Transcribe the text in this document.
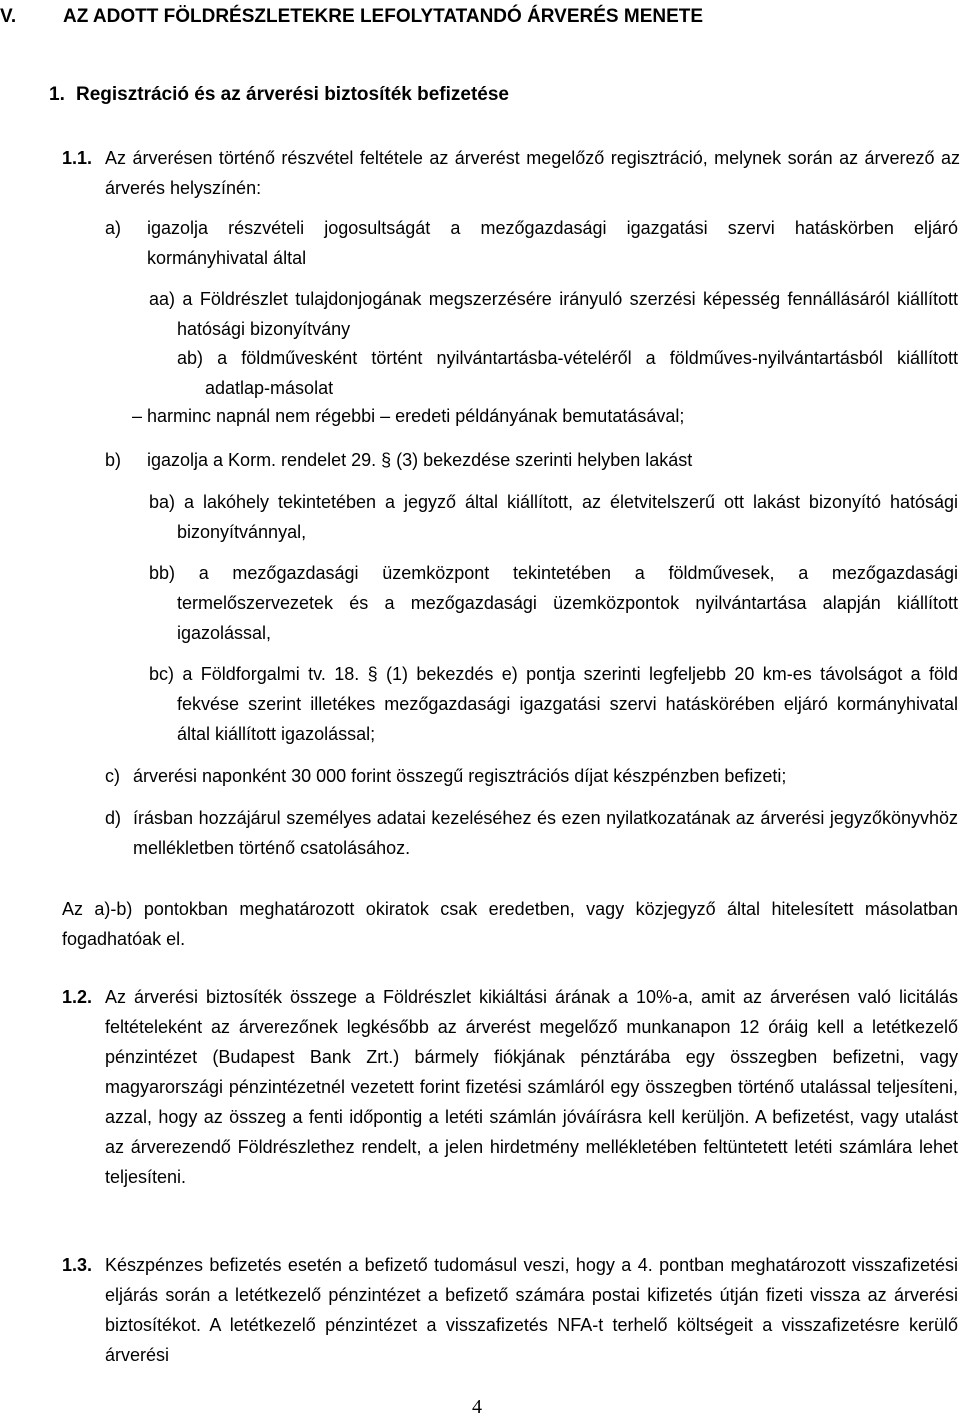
V. AZ ADOTT FÖLDRÉSZLETEKRE LEFOLYTATANDÓ ÁRVERÉS MENETE
1. Regisztráció és az árverési biztosíték befizetése
1.1. Az árverésen történő részvétel feltétele az árverést megelőző regisztráció, melynek során az árverező az árverés helyszínén:
a)	igazolja részvételi jogosultságát a mezőgazdasági igazgatási szervi hatáskörben eljáró kormányhivatal által
aa) a Földrészlet tulajdonjogának megszerzésére irányuló szerzési képesség fennállásáról kiállított hatósági bizonyítvány
ab) a földművesként történt nyilvántartásba-vételéről a földműves-nyilvántartásból kiállított adatlap-másolat
– harminc napnál nem régebbi – eredeti példányának bemutatásával;
b)	igazolja a Korm. rendelet 29. § (3) bekezdése szerinti helyben lakást
ba) a lakóhely tekintetében a jegyző által kiállított, az életvitelszerű ott lakást bizonyító hatósági bizonyítvánnyal,
bb) a mezőgazdasági üzemközpont tekintetében a földművesek, a mezőgazdasági termelőszervezetek és a mezőgazdasági üzemközpontok nyilvántartása alapján kiállított igazolással,
bc) a Földforgalmi tv. 18. § (1) bekezdés e) pontja szerinti legfeljebb 20 km-es távolságot a föld fekvése szerint illetékes mezőgazdasági igazgatási szervi hatáskörében eljáró kormányhivatal által kiállított igazolással;
c) árverési naponként 30 000 forint összegű regisztrációs díjat készpénzben befizeti;
d) írásban hozzájárul személyes adatai kezeléséhez és ezen nyilatkozatának az árverési jegyzőkönyvhöz mellékletben történő csatolásához.
Az a)-b) pontokban meghatározott okiratok csak eredetben, vagy közjegyző által hitelesített másolatban fogadhatóak el.
1.2. Az árverési biztosíték összege a Földrészlet kikiáltási árának a 10%-a, amit az árverésen való licitálás feltételeként az árverezőnek legkésőbb az árverést megelőző munkanapon 12 óráig kell a letétkezelő pénzintézet (Budapest Bank Zrt.) bármely fiókjának pénztárába egy összegben befizetni, vagy magyarországi pénzintézetnél vezetett forint fizetési számláról egy összegben történő utalással teljesíteni, azzal, hogy az összeg a fenti időpontig a letéti számlán jóváírásra kell kerüljön. A befizetést, vagy utalást az árverezendő Földrészlethez rendelt, a jelen hirdetmény mellékletében feltüntetett letéti számlára lehet teljesíteni.
1.3. Készpénzes befizetés esetén a befizető tudomásul veszi, hogy a 4. pontban meghatározott visszafizetési eljárás során a letétkezelő pénzintézet a befizető számára postai kifizetés útján fizeti vissza az árverési biztosítékot. A letétkezelő pénzintézet a visszafizetés NFA-t terhelő költségeit a visszafizetésre kerülő árverési
4
